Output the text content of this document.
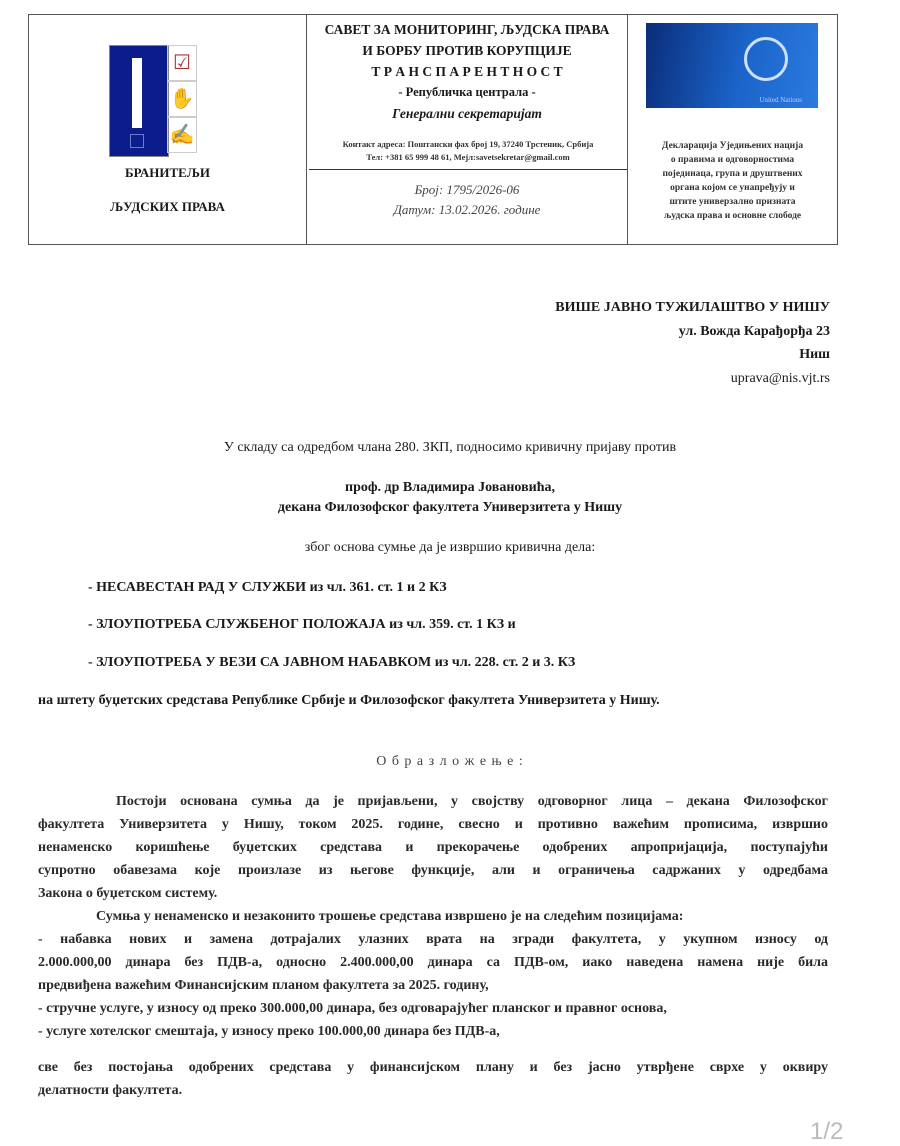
☑
✋
✍
БРАНИТЕЉИ
ЉУДСКИХ ПРАВА
САВЕТ ЗА МОНИТОРИНГ, ЉУДСКА ПРАВА
И БОРБУ ПРОТИВ КОРУПЦИЈЕ
Т Р А Н С П А Р Е Н Т Н О С Т
- Републичка централа -
Генерални секретаријат
Контакт адреса: Поштански фах број 19, 37240 Трстеник, Србија
Тел: +381 65 999 48 61, Мејл:savetsekretar@gmail.com
Број: 1795/2026-06
Датум: 13.02.2026. године
United Nations
Декларација Уједињених нација
о правима и одговорностима
појединаца, група и друштвених
органа којом се унапређују и
штите универзално призната
људска права и основне слободе
ВИШЕ ЈАВНО ТУЖИЛАШТВО У НИШУ
ул. Вожда Карађорђа 23
Ниш
uprava@nis.vjt.rs
У складу са одредбом члана 280. ЗКП, подносимо кривичну пријаву против
проф. др Владимира Јовановића,
декана Филозофског факултета Универзитета у Нишу
због основа сумње да је извршио кривична дела:
- НЕСАВЕСТАН РАД У СЛУЖБИ из чл. 361. ст. 1 и 2 КЗ
- ЗЛОУПОТРЕБА СЛУЖБЕНОГ ПОЛОЖАЈА из чл. 359. ст. 1 КЗ и
- ЗЛОУПОТРЕБА У ВЕЗИ СА ЈАВНОМ НАБАВКОМ из чл. 228. ст. 2 и 3. КЗ
на штету буџетских средстава Републике Србије и Филозофског факултета Универзитета у Нишу.
О б р а з л о ж е њ е :
Постоји основана сумња да је пријављени, у својству одговорног лица – декана Филозофског
факултета Универзитета у Нишу, током 2025. године, свесно и противно важећим прописима, извршио
ненаменско коришћење буџетских средстава и прекорачење одобрених апропријација, поступајући
супротно обавезама које произлазе из његове функције, али и ограничења садржаних у одредбама
Закона о буџетском систему.
Сумња у ненаменско и незаконито трошење средстава извршено је на следећим позицијама:
- набавка нових и замена дотрајалих улазних врата на згради факултета, у укупном износу од
2.000.000,00 динара без ПДВ-а, односно 2.400.000,00 динара са ПДВ-ом, иако наведена намена није била
предвиђена важећим Финансијским планом факултета за 2025. годину,
- стручне услуге, у износу од преко 300.000,00 динара, без одговарајућег планског и правног основа,
- услуге хотелског смештаја, у износу преко 100.000,00 динара без ПДВ-а,
све без постојања одобрених средстава у финансијском плану и без јасно утврђене сврхе у оквиру
делатности факултета.
1/2
